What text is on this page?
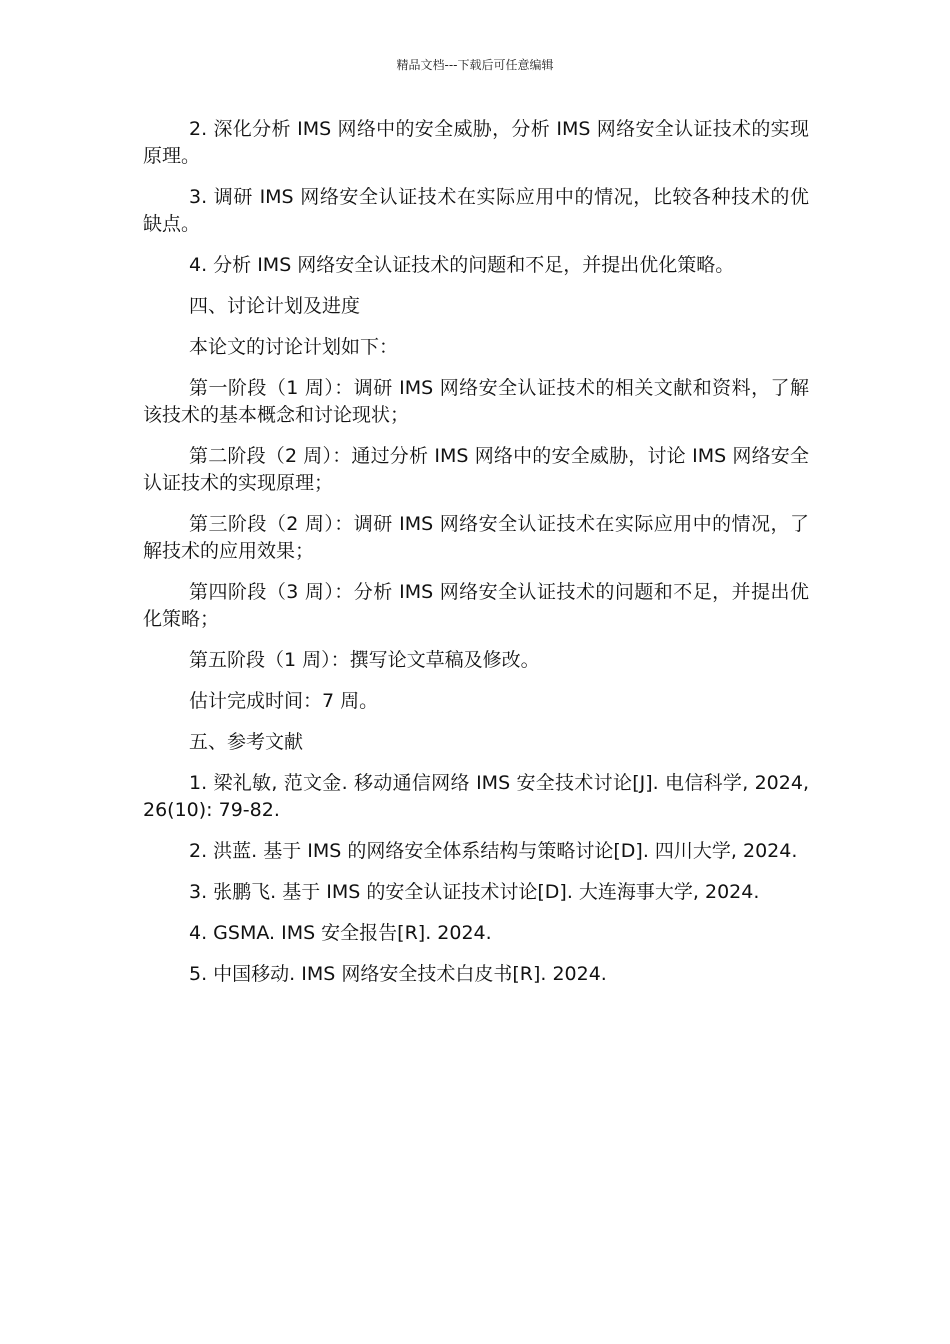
精品文档---下载后可任意编辑

2. 深化分析 IMS 网络中的安全威胁，分析 IMS 网络安全认证技术的实现原理。

3. 调研 IMS 网络安全认证技术在实际应用中的情况，比较各种技术的优缺点。

4. 分析 IMS 网络安全认证技术的问题和不足，并提出优化策略。

四、讨论计划及进度

本论文的讨论计划如下：

第一阶段（1 周）：调研 IMS 网络安全认证技术的相关文献和资料，了解该技术的基本概念和讨论现状；

第二阶段（2 周）：通过分析 IMS 网络中的安全威胁，讨论 IMS 网络安全认证技术的实现原理；

第三阶段（2 周）：调研 IMS 网络安全认证技术在实际应用中的情况，了解技术的应用效果；

第四阶段（3 周）：分析 IMS 网络安全认证技术的问题和不足，并提出优化策略；

第五阶段（1 周）：撰写论文草稿及修改。

估计完成时间：7 周。

五、参考文献

1. 梁礼敏, 范文金. 移动通信网络 IMS 安全技术讨论[J]. 电信科学, 2024, 26(10): 79-82.

2. 洪蓝. 基于 IMS 的网络安全体系结构与策略讨论[D]. 四川大学, 2024.

3. 张鹏飞. 基于 IMS 的安全认证技术讨论[D]. 大连海事大学, 2024.

4. GSMA. IMS 安全报告[R]. 2024.

5. 中国移动. IMS 网络安全技术白皮书[R]. 2024.
